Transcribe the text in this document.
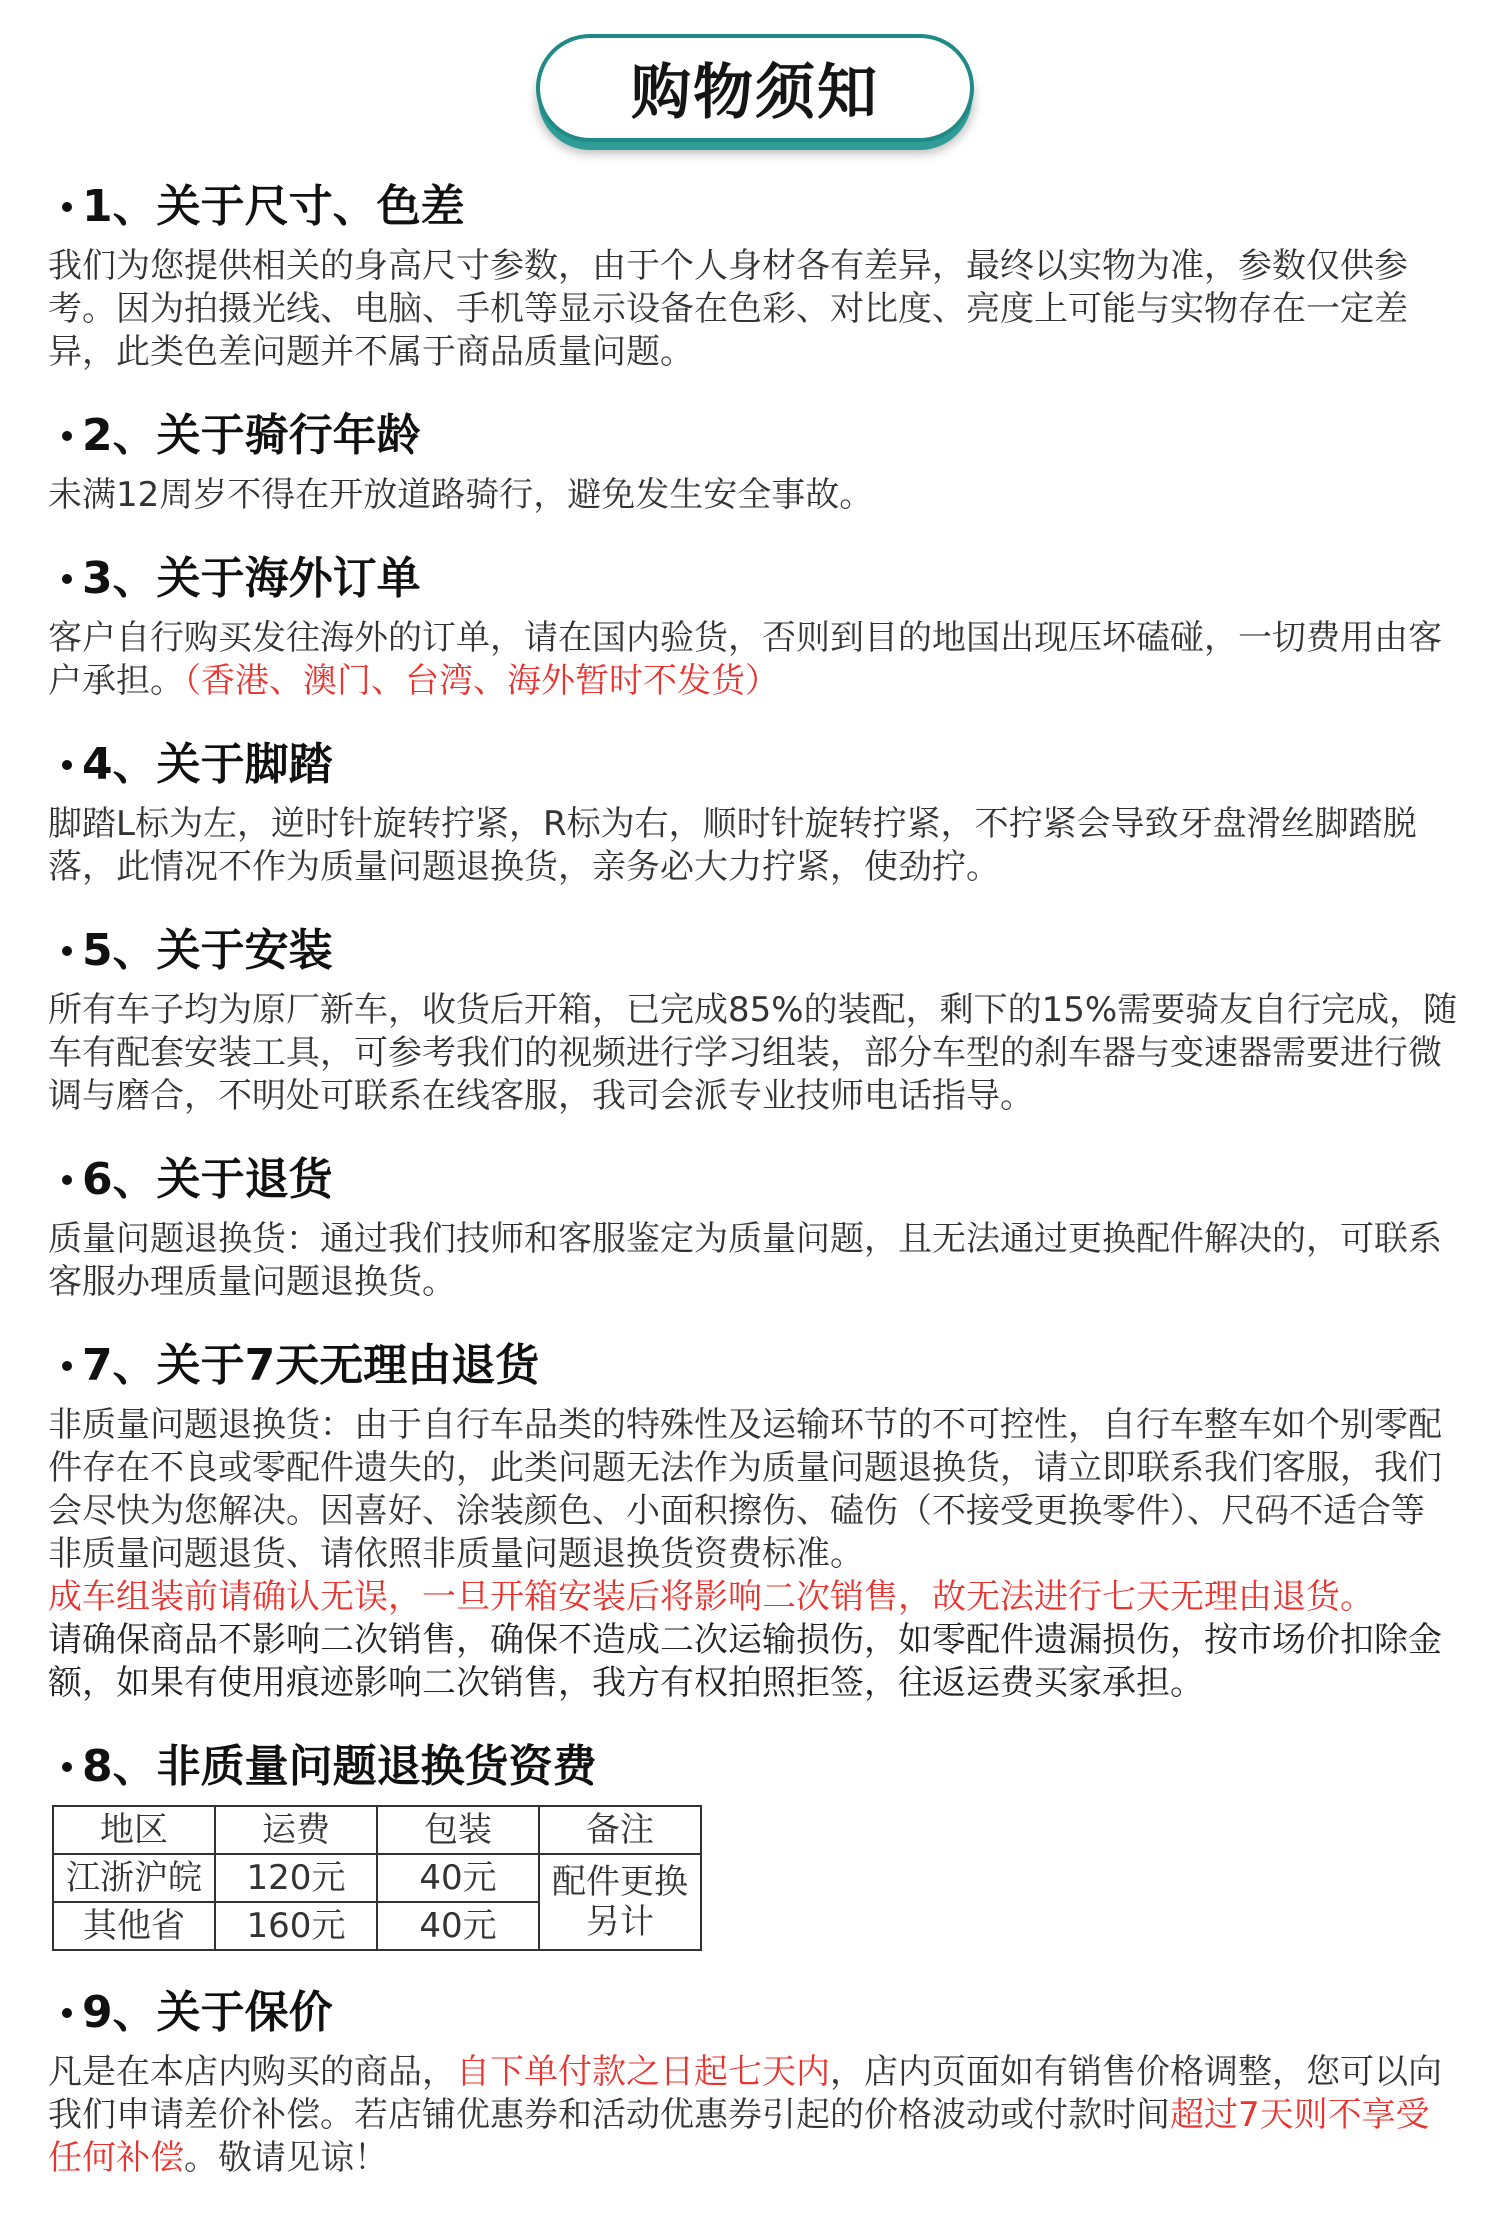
购物须知
1、关于尺寸、色差

我们为您提供相关的身高尺寸参数，由于个人身材各有差异，最终以实物为准，参数仅供参考。因为拍摄光线、电脑、手机等显示设备在色彩、对比度、亮度上可能与实物存在一定差异，此类色差问题并不属于商品质量问题。

2、关于骑行年龄

未满12周岁不得在开放道路骑行，避免发生安全事故。

3、关于海外订单

客户自行购买发往海外的订单，请在国内验货，否则到目的地国出现压坏磕碰，一切费用由客户承担。（香港、澳门、台湾、海外暂时不发货）

4、关于脚踏

脚踏L标为左，逆时针旋转拧紧，R标为右，顺时针旋转拧紧，不拧紧会导致牙盘滑丝脚踏脱落，此情况不作为质量问题退换货，亲务必大力拧紧，使劲拧。

5、关于安装

所有车子均为原厂新车，收货后开箱，已完成85%的装配，剩下的15%需要骑友自行完成，随车有配套安装工具，可参考我们的视频进行学习组装，部分车型的刹车器与变速器需要进行微调与磨合，不明处可联系在线客服，我司会派专业技师电话指导。

6、关于退货

质量问题退换货：通过我们技师和客服鉴定为质量问题，且无法通过更换配件解决的，可联系客服办理质量问题退换货。

7、关于7天无理由退货

非质量问题退换货：由于自行车品类的特殊性及运输环节的不可控性，自行车整车如个别零配件存在不良或零配件遗失的，此类问题无法作为质量问题退换货，请立即联系我们客服，我们会尽快为您解决。因喜好、涂装颜色、小面积擦伤、磕伤（不接受更换零件）、尺码不适合等非质量问题退货、请依照非质量问题退换货资费标准。

成车组装前请确认无误，一旦开箱安装后将影响二次销售，故无法进行七天无理由退货。

请确保商品不影响二次销售，确保不造成二次运输损伤，如零配件遗漏损伤，按市场价扣除金额，如果有使用痕迹影响二次销售，我方有权拍照拒签，往返运费买家承担。

8、非质量问题退换货资费
地区	运费	包装	备注
江浙沪皖	120元	40元	配件更换另计
其他省	160元	40元	
9、关于保价

凡是在本店内购买的商品，自下单付款之日起七天内，店内页面如有销售价格调整，您可以向我们申请差价补偿。若店铺优惠券和活动优惠券引起的价格波动或付款时间超过7天则不享受任何补偿。敬请见谅！
